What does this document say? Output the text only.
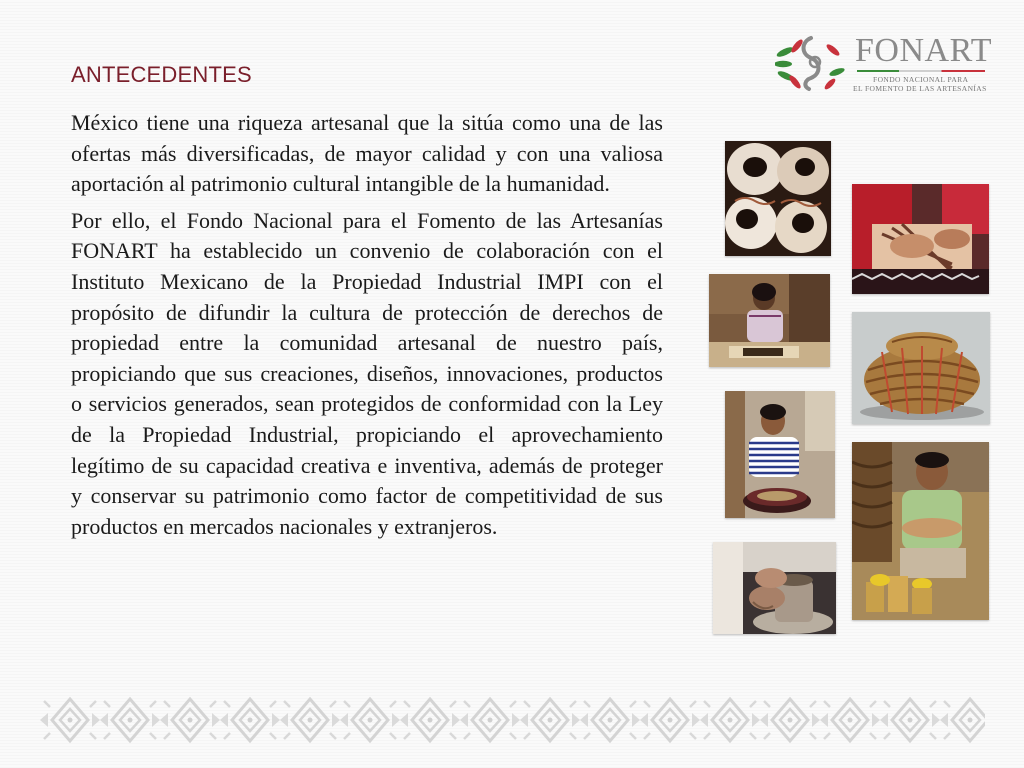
FONART
FONDO NACIONAL PARA
EL FOMENTO DE LAS ARTESANÍAS
ANTECEDENTES

México tiene una riqueza artesanal que la sitúa como una de las ofertas más diversificadas, de mayor calidad y con una valiosa aportación al patrimonio cultural intangible de la humanidad.

Por ello, el Fondo Nacional para el Fomento de las Artesanías FONART ha establecido un convenio de colaboración con el Instituto Mexicano de la Propiedad Industrial IMPI con el propósito de difundir la cultura de protección de derechos de propiedad entre la comunidad artesanal de nuestro país, propiciando que sus creaciones, diseños, innovaciones, productos o servicios generados, sean protegidos de conformidad con la Ley de la Propiedad Industrial, propiciando el aprovechamiento legítimo de su capacidad creativa e inventiva, además de proteger y conservar su patrimonio como factor de competitividad de sus productos en mercados nacionales y extranjeros.
